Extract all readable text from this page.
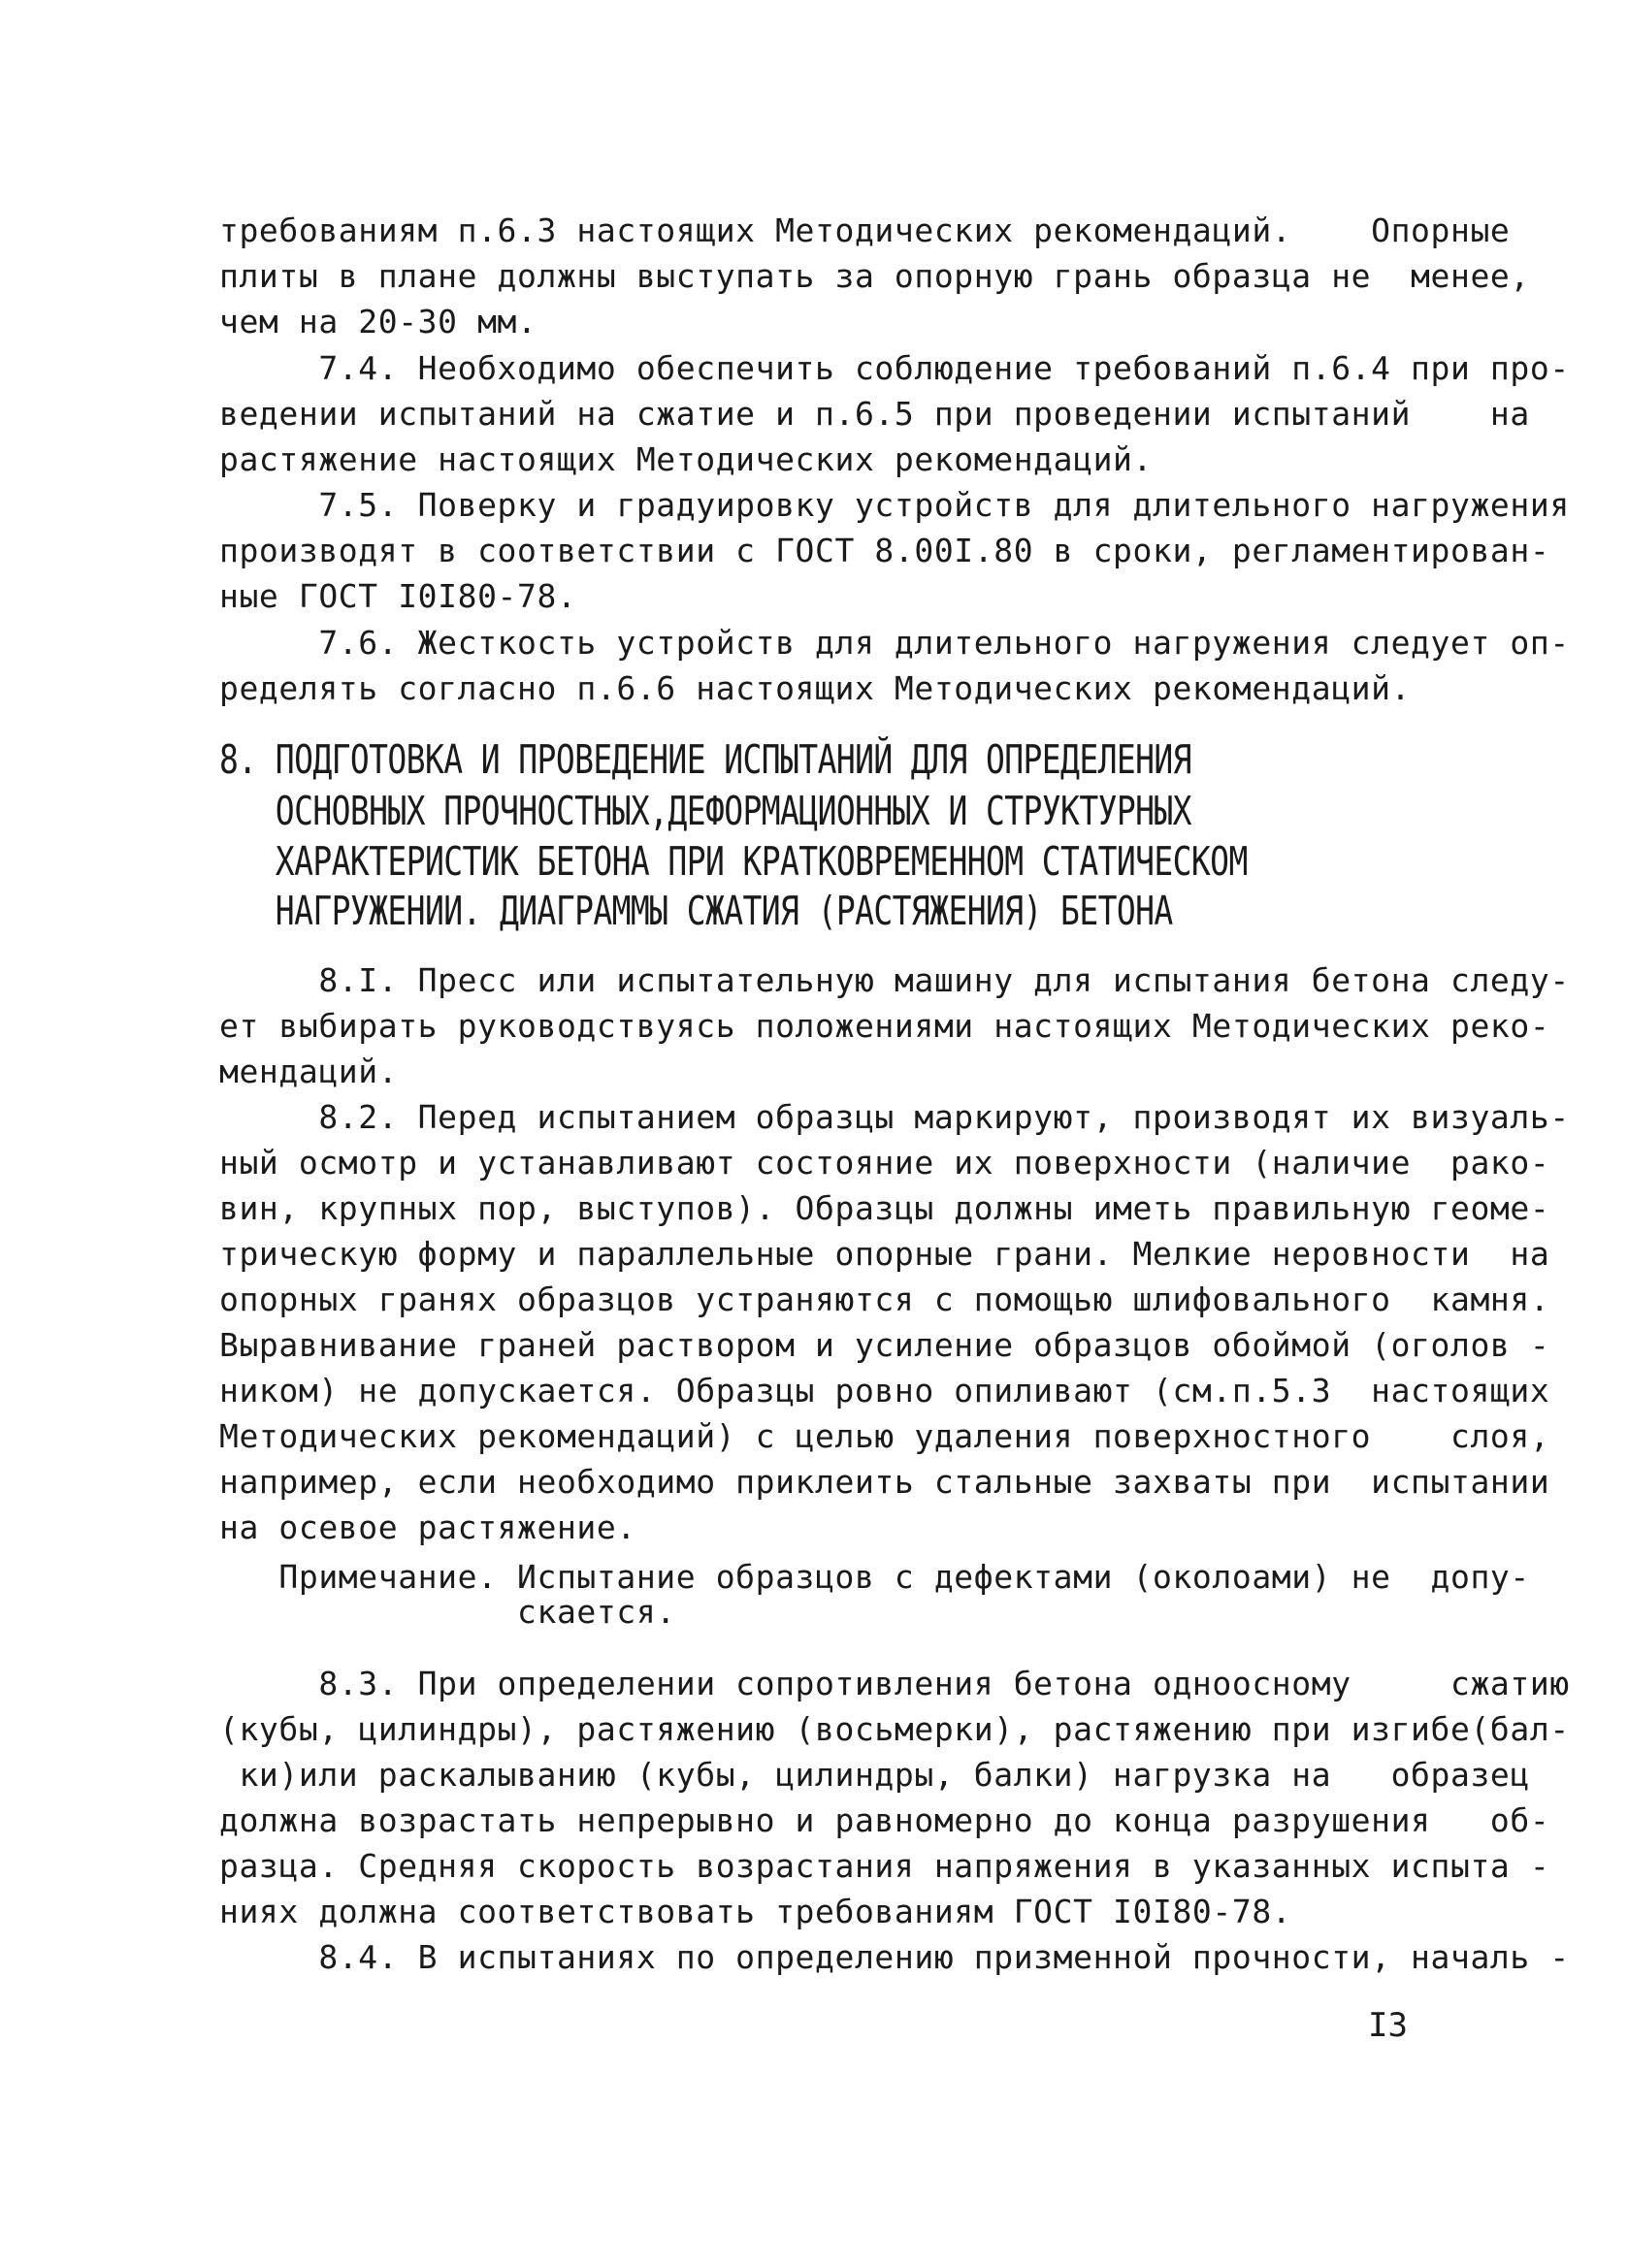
требованиям п.6.3 настоящих Методических рекомендаций.    Опорные

плиты в плане должны выступать за опорную грань образца не  менее,

чем на 20-30 мм.

7.4. Необходимо обеспечить соблюдение требований п.6.4 при про-

ведении испытаний на сжатие и п.6.5 при проведении испытаний    на

растяжение настоящих Методических рекомендаций.

7.5. Поверку и градуировку устройств для длительного нагружения

производят в соответствии с ГОСТ 8.00I.80 в сроки, регламентирован-

ные ГОСТ I0I80-78.

7.6. Жесткость устройств для длительного нагружения следует оп-

ределять согласно п.6.6 настоящих Методических рекомендаций.

8. ПОДГОТОВКА И ПРОВЕДЕНИЕ ИСПЫТАНИЙ ДЛЯ ОПРЕДЕЛЕНИЯ

ОСНОВНЫХ ПРОЧНОСТНЫХ,ДЕФОРМАЦИОННЫХ И СТРУКТУРНЫХ

ХАРАКТЕРИСТИК БЕТОНА ПРИ КРАТКОВРЕМЕННОМ СТАТИЧЕСКОМ

НАГРУЖЕНИИ. ДИАГРАММЫ СЖАТИЯ (РАСТЯЖЕНИЯ) БЕТОНА

8.I. Пресс или испытательную машину для испытания бетона следу-

ет выбирать руководствуясь положениями настоящих Методических реко-

мендаций.

8.2. Перед испытанием образцы маркируют, производят их визуаль-

ный осмотр и устанавливают состояние их поверхности (наличие  рако-

вин, крупных пор, выступов). Образцы должны иметь правильную геоме-

трическую форму и параллельные опорные грани. Мелкие неровности  на

опорных гранях образцов устраняются с помощью шлифовального  камня.

Выравнивание граней раствором и усиление образцов обоймой (оголов -

ником) не допускается. Образцы ровно опиливают (см.п.5.3  настоящих

Методических рекомендаций) с целью удаления поверхностного    слоя,

например, если необходимо приклеить стальные захваты при  испытании

на осевое растяжение.

Примечание. Испытание образцов с дефектами (околоами) не  допу-

скается.

8.3. При определении сопротивления бетона одноосному     сжатию

(кубы, цилиндры), растяжению (восьмерки), растяжению при изгибе(бал-

ки)или раскалыванию (кубы, цилиндры, балки) нагрузка на   образец

должна возрастать непрерывно и равномерно до конца разрушения   об-

разца. Средняя скорость возрастания напряжения в указанных испыта -

ниях должна соответствовать требованиям ГОСТ I0I80-78.

8.4. В испытаниях по определению призменной прочности, началь -

I3
